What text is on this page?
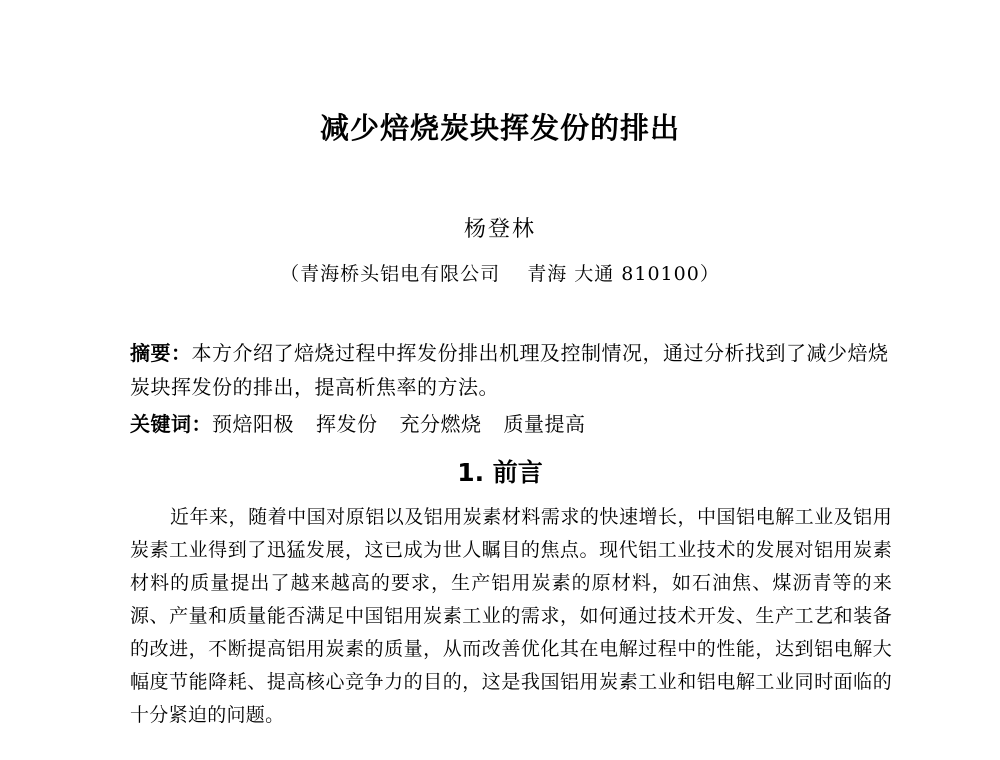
减少焙烧炭块挥发份的排出
杨登林
（青海桥头铝电有限公司　 青海 大通 810100）
摘要：本方介绍了焙烧过程中挥发份排出机理及控制情况，通过分析找到了减少焙烧炭块挥发份的排出，提高析焦率的方法。
关键词：预焙阳极 挥发份 充分燃烧 质量提高
1. 前言
近年来，随着中国对原铝以及铝用炭素材料需求的快速增长，中国铝电解工业及铝用炭素工业得到了迅猛发展，这已成为世人瞩目的焦点。现代铝工业技术的发展对铝用炭素材料的质量提出了越来越高的要求，生产铝用炭素的原材料，如石油焦、煤沥青等的来源、产量和质量能否满足中国铝用炭素工业的需求，如何通过技术开发、生产工艺和装备的改进，不断提高铝用炭素的质量，从而改善优化其在电解过程中的性能，达到铝电解大幅度节能降耗、提高核心竞争力的目的，这是我国铝用炭素工业和铝电解工业同时面临的十分紧迫的问题。
